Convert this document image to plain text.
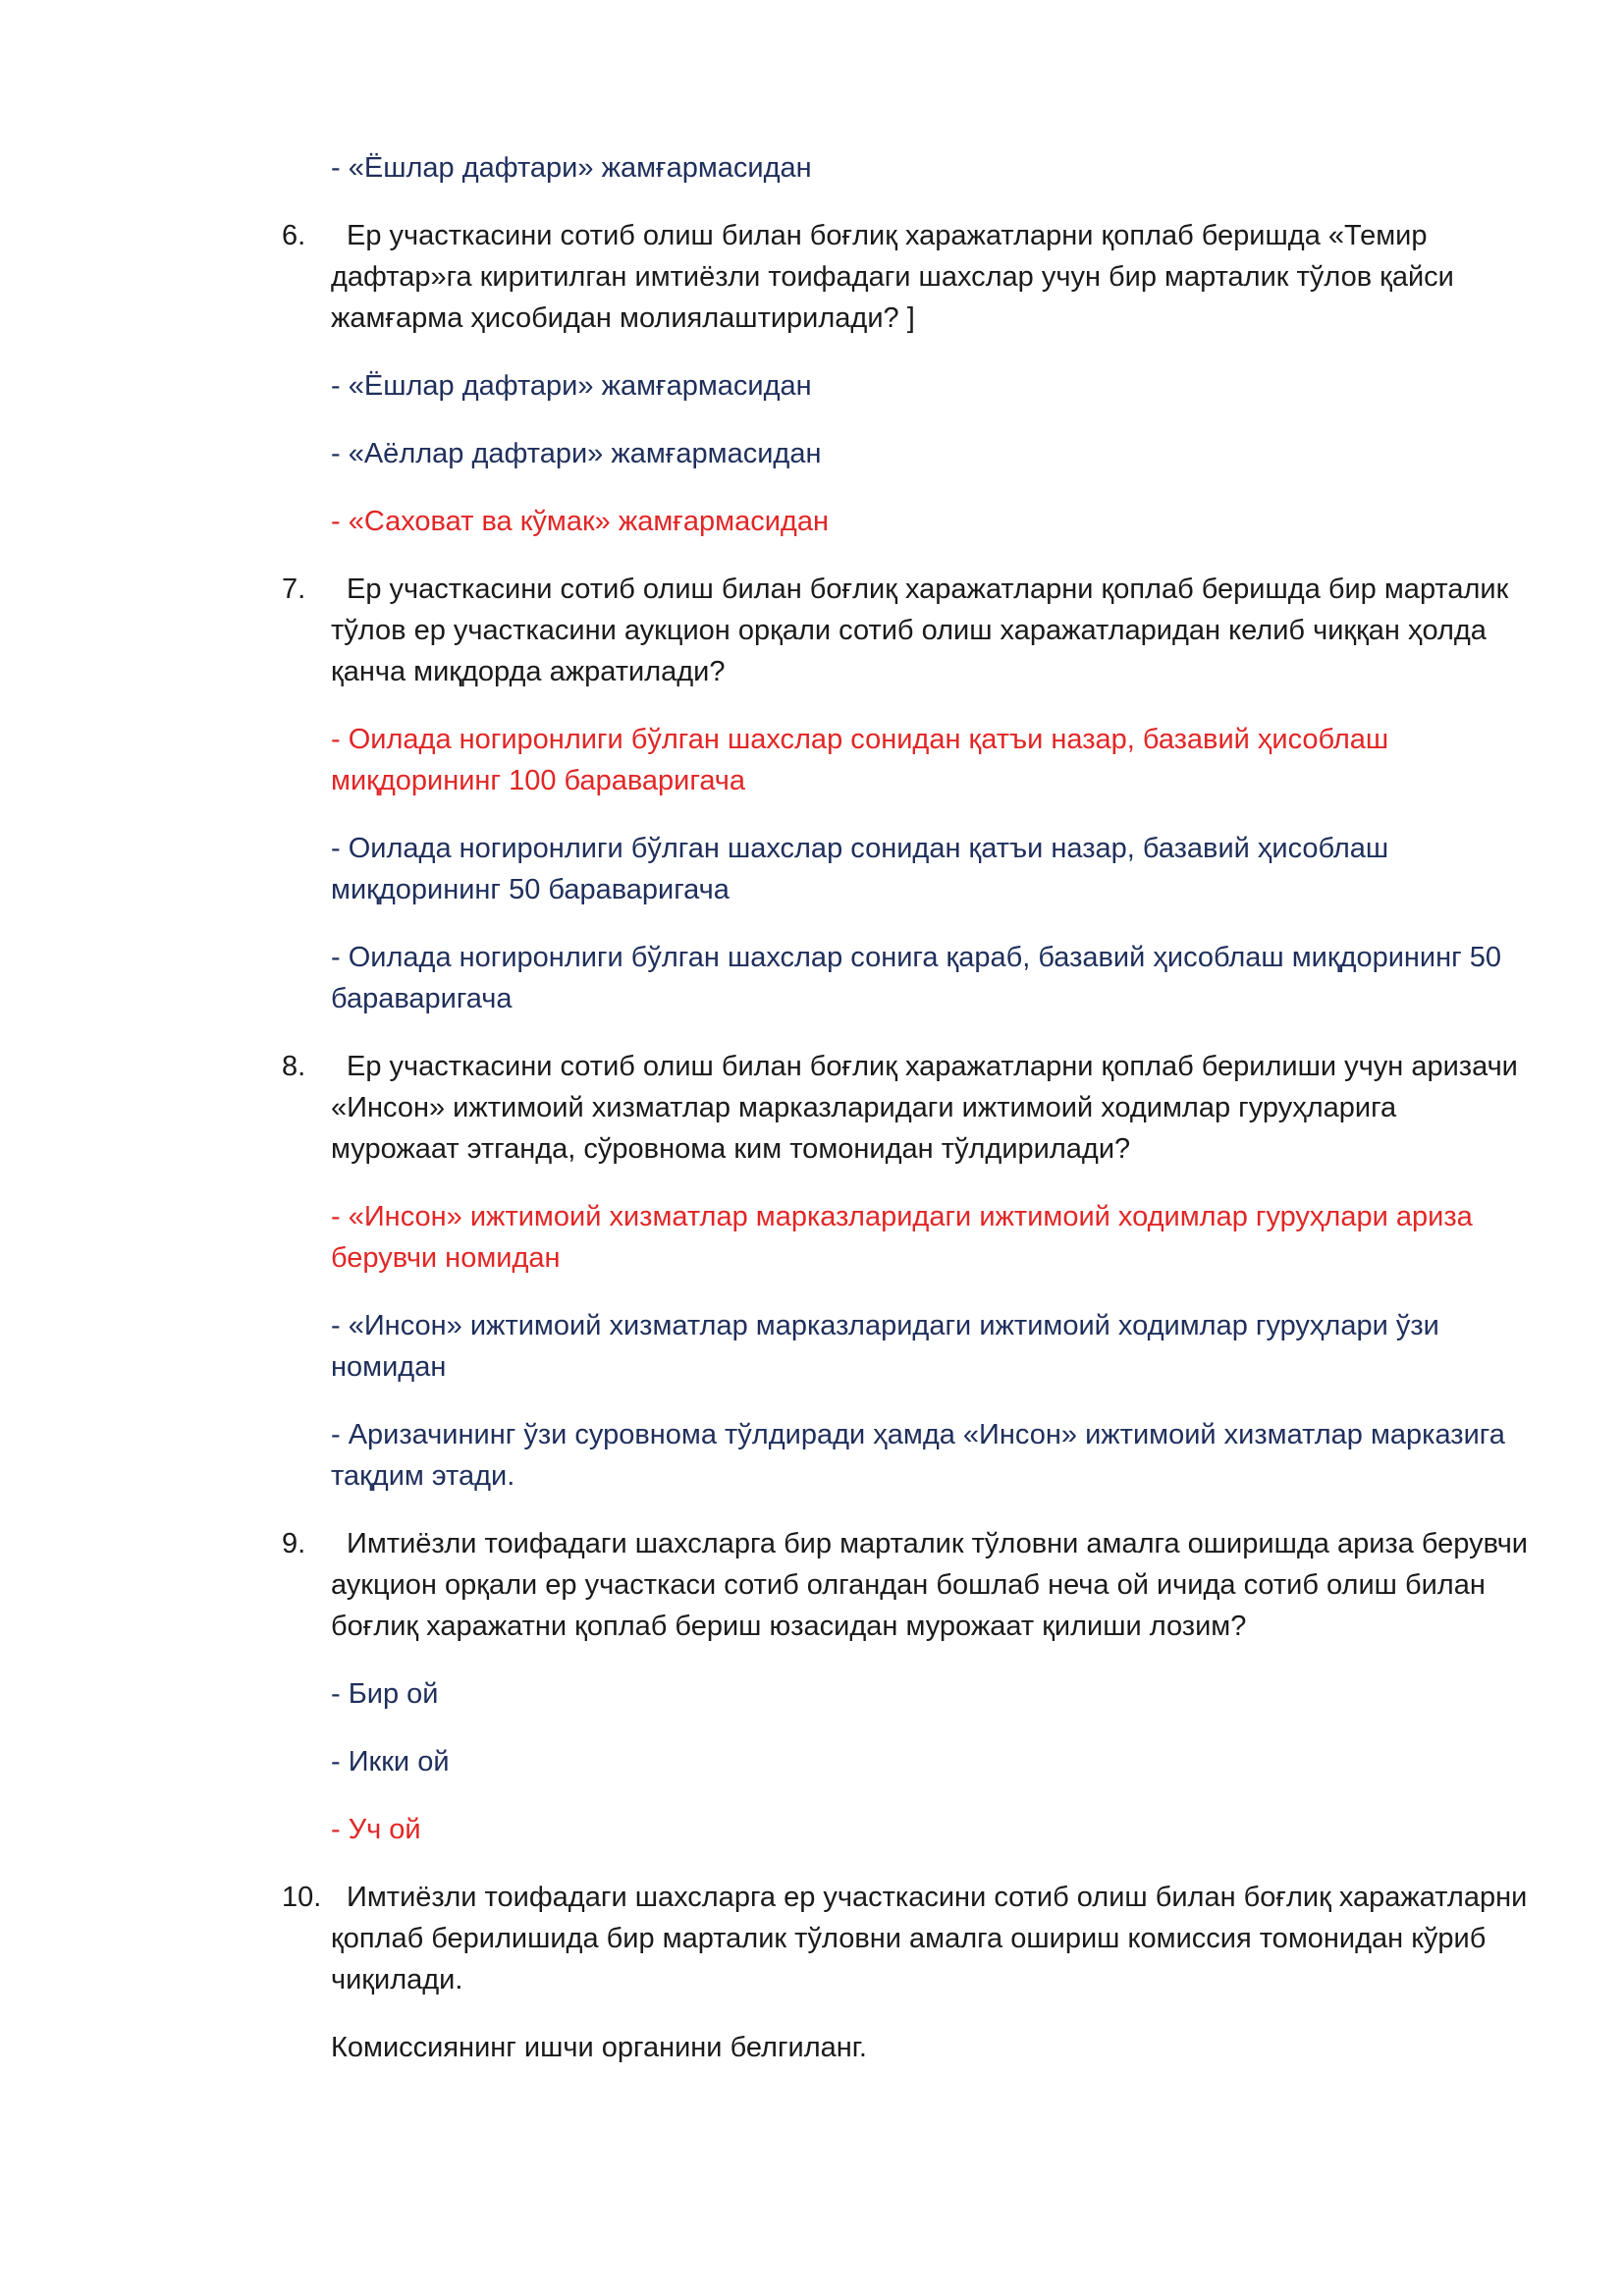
- «Ёшлар дафтари» жамғармасидан
6.	Ер участкасини сотиб олиш билан боғлиқ харажатларни қоплаб беришда «Темир дафтар»га киритилган имтиёзли тоифадаги шахслар учун бир марталик тўлов қайси жамғарма ҳисобидан молиялаштирилади? ]
- «Ёшлар дафтари» жамғармасидан
- «Аёллар дафтари» жамғармасидан
- «Саховат ва кўмак» жамғармасидан
7.	Ер участкасини сотиб олиш билан боғлиқ харажатларни қоплаб беришда бир марталик тўлов ер участкасини аукцион орқали сотиб олиш харажатларидан келиб чиққан ҳолда қанча миқдорда ажратилади?
- Оилада ногиронлиги бўлган шахслар сонидан қатъи назар, базавий ҳисоблаш миқдорининг 100 бараваригача
- Оилада ногиронлиги бўлган шахслар сонидан қатъи назар, базавий ҳисоблаш миқдорининг 50 бараваригача
- Оилада ногиронлиги бўлган шахслар сонига қараб, базавий ҳисоблаш миқдорининг 50 бараваригача
8.	Ер участкасини сотиб олиш билан боғлиқ харажатларни қоплаб берилиши учун аризачи «Инсон» ижтимоий хизматлар марказларидаги ижтимоий ходимлар гуруҳларига мурожаат этганда, сўровнома ким томонидан тўлдирилади?
- «Инсон» ижтимоий хизматлар марказларидаги ижтимоий ходимлар гуруҳлари ариза берувчи номидан
- «Инсон» ижтимоий хизматлар марказларидаги ижтимоий ходимлар гуруҳлари ўзи номидан
- Аризачининг ўзи суровнома тўлдиради ҳамда «Инсон» ижтимоий хизматлар марказига тақдим этади.
9.	Имтиёзли тоифадаги шахсларга бир марталик тўловни амалга оширишда ариза берувчи аукцион орқали ер участкаси сотиб олгандан бошлаб неча ой ичида сотиб олиш билан боғлиқ харажатни қоплаб бериш юзасидан мурожаат қилиши лозим?
- Бир ой
- Икки ой
- Уч ой
10. Имтиёзли тоифадаги шахсларга ер участкасини сотиб олиш билан боғлиқ харажатларни қоплаб берилишида бир марталик тўловни амалга ошириш комиссия томонидан кўриб чиқилади.
Комиссиянинг ишчи органини белгиланг.
